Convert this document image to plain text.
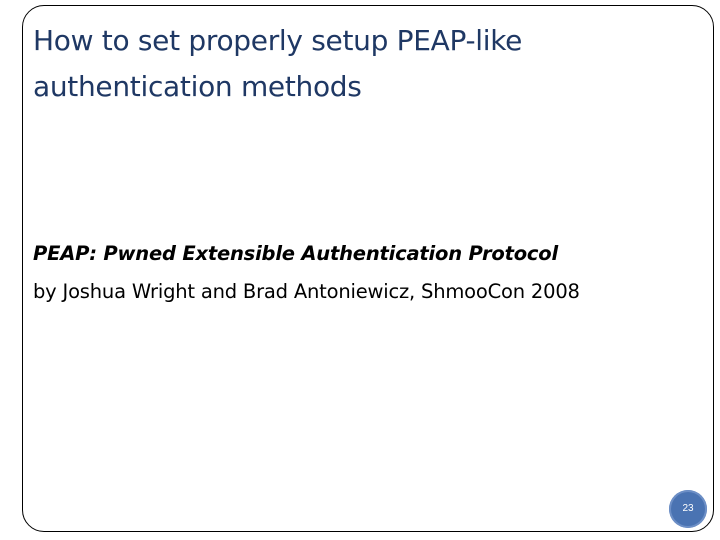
How to set properly setup PEAP-like authentication methods
PEAP: Pwned Extensible Authentication Protocol
by Joshua Wright and Brad Antoniewicz, ShmooCon 2008
23
